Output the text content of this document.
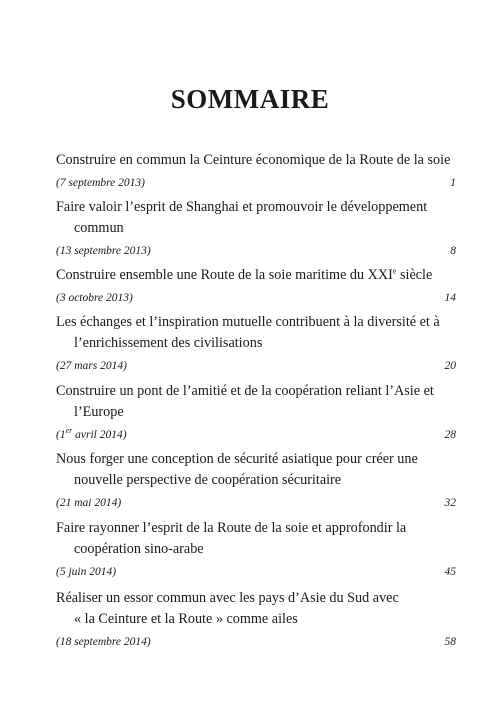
SOMMAIRE

Construire en commun la Ceinture économique de la Route de la soie

(7 septembre 2013)	1

Faire valoir l’esprit de Shanghai et promouvoir le développement
commun

(13 septembre 2013)	8

Construire ensemble une Route de la soie maritime du XXIe siècle

(3 octobre 2013)	14

Les échanges et l’inspiration mutuelle contribuent à la diversité et à
l’enrichissement des civilisations

(27 mars 2014)	20

Construire un pont de l’amitié et de la coopération reliant l’Asie et
l’Europe

(1er avril 2014)	28

Nous forger une conception de sécurité asiatique pour créer une
nouvelle perspective de coopération sécuritaire

(21 mai 2014)	32

Faire rayonner l’esprit de la Route de la soie et approfondir la
coopération sino-arabe

(5 juin 2014)	45

Réaliser un essor commun avec les pays d’Asie du Sud avec
« la Ceinture et la Route » comme ailes

(18 septembre 2014)	58
